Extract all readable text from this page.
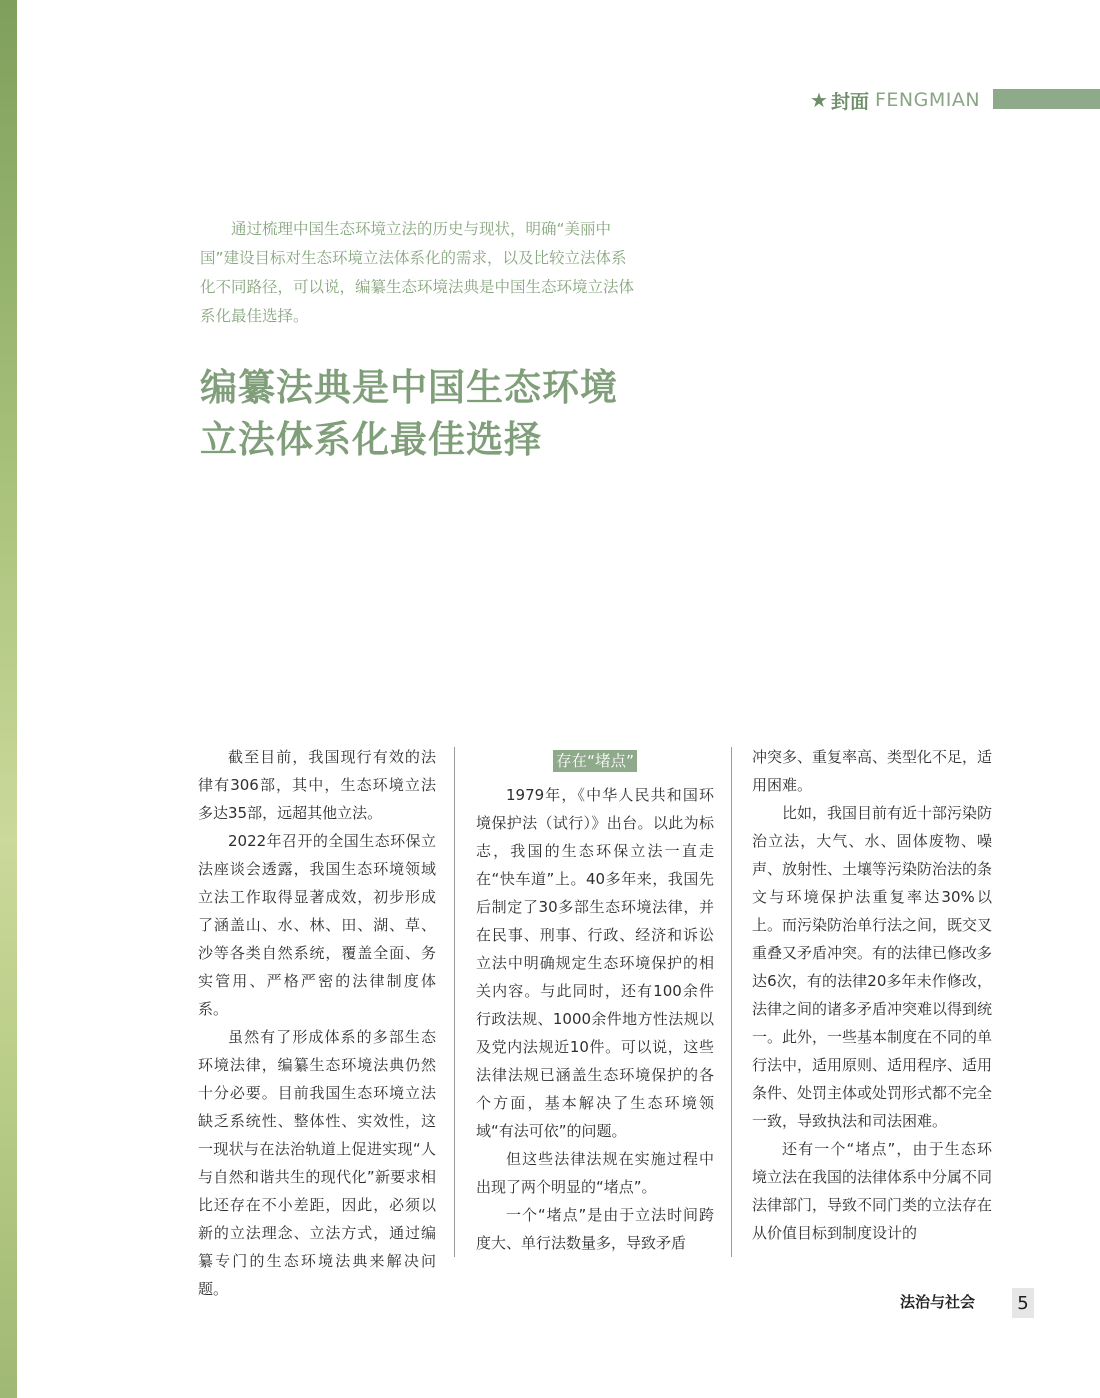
★ 封面 FENGMIAN

通过梳理中国生态环境立法的历史与现状，明确“美丽中国”建设目标对生态环境立法体系化的需求，以及比较立法体系化不同路径，可以说，编纂生态环境法典是中国生态环境立法体系化最佳选择。

编纂法典是中国生态环境
立法体系化最佳选择

截至目前，我国现行有效的法律有306部，其中，生态环境立法多达35部，远超其他立法。

2022年召开的全国生态环保立法座谈会透露，我国生态环境领域立法工作取得显著成效，初步形成了涵盖山、水、林、田、湖、草、沙等各类自然系统，覆盖全面、务实管用、严格严密的法律制度体系。

虽然有了形成体系的多部生态环境法律，编纂生态环境法典仍然十分必要。目前我国生态环境立法缺乏系统性、整体性、实效性，这一现状与在法治轨道上促进实现“人与自然和谐共生的现代化”新要求相比还存在不小差距，因此，必须以新的立法理念、立法方式，通过编纂专门的生态环境法典来解决问题。

存在“堵点”

1979年，《中华人民共和国环境保护法（试行）》出台。以此为标志，我国的生态环保立法一直走在“快车道”上。40多年来，我国先后制定了30多部生态环境法律，并在民事、刑事、行政、经济和诉讼立法中明确规定生态环境保护的相关内容。与此同时，还有100余件行政法规、1000余件地方性法规以及党内法规近10件。可以说，这些法律法规已涵盖生态环境保护的各个方面，基本解决了生态环境领域“有法可依”的问题。

但这些法律法规在实施过程中出现了两个明显的“堵点”。

一个“堵点”是由于立法时间跨度大、单行法数量多，导致矛盾

冲突多、重复率高、类型化不足，适用困难。

比如，我国目前有近十部污染防治立法，大气、水、固体废物、噪声、放射性、土壤等污染防治法的条文与环境保护法重复率达30%以上。而污染防治单行法之间，既交叉重叠又矛盾冲突。有的法律已修改多达6次，有的法律20多年未作修改，法律之间的诸多矛盾冲突难以得到统一。此外，一些基本制度在不同的单行法中，适用原则、适用程序、适用条件、处罚主体或处罚形式都不完全一致，导致执法和司法困难。

还有一个“堵点”，由于生态环境立法在我国的法律体系中分属不同法律部门，导致不同门类的立法存在从价值目标到制度设计的

法治与社会 5
